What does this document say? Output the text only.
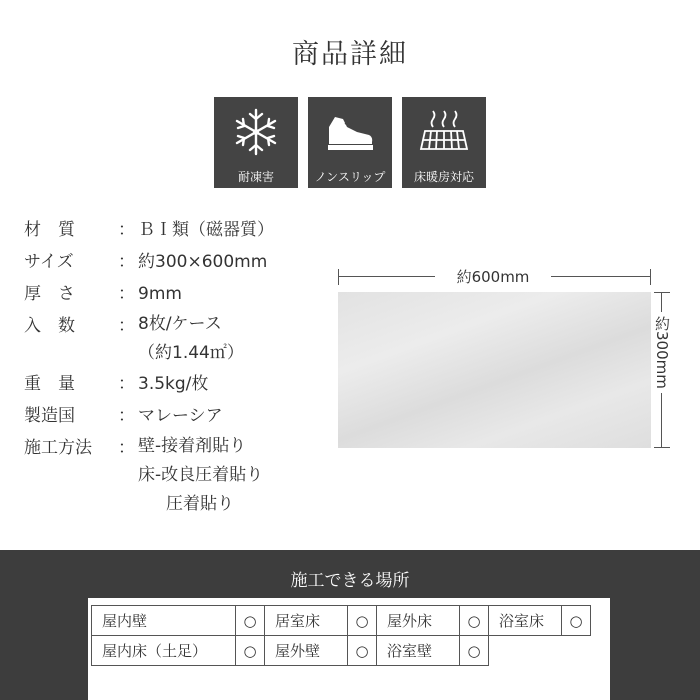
商品詳細
耐凍害	ノンスリップ 床暖房対応
材　質	： ＢＩ類（磁器質）
サイズ	： 約300×600mm
厚　さ	： 9mm
入　数	： 8枚/ケース
（約1.44㎡）
重　量	： 3.5kg/枚
製造国	： マレーシア
施工方法	： 壁-接着剤貼り
床-改良圧着貼り
圧着貼り
約600mm
約300mm
施工できる場所
屋内壁	○	居室床	○	屋外床	○	浴室床	○
屋内床（土足）	○	屋外壁	○	浴室壁	○		
